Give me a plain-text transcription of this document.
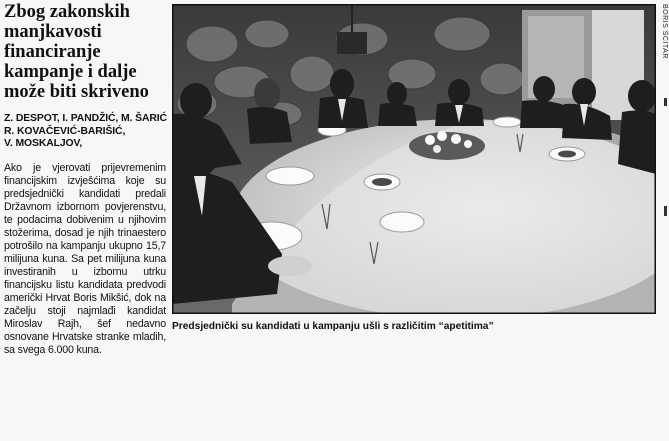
Zbog zakonskih manjkavosti financiranje kampanje i dalje može biti skriveno
Z. DESPOT, I. PANDŽIĆ, M. ŠARIĆ
R. KOVAČEVIĆ-BARIŠIĆ,
V. MOSKALJOV,
Ako je vjerovati prijevremenim financijskim izvješćima koje su predsjednički kandidati predali Državnom izbornom povjerenstvu, te podacima dobivenim u njihovim stožerima, dosad je njih trinaestero potrošilo na kampanju ukupno 15,7 milijuna kuna. Sa pet milijuna kuna investiranih u izbornu utrku financijsku listu kandidata predvodi američki Hrvat Boris Mikšić, dok na začelju stoji najmlađi kandidat Miroslav Rajh, šef nedavno osnovane Hrvatske stranke mladih, sa svega 6.000 kuna.
BORIS ŠĆITAR
Predsjednički su kandidati u kampanju ušli s različitim “apetitima”
